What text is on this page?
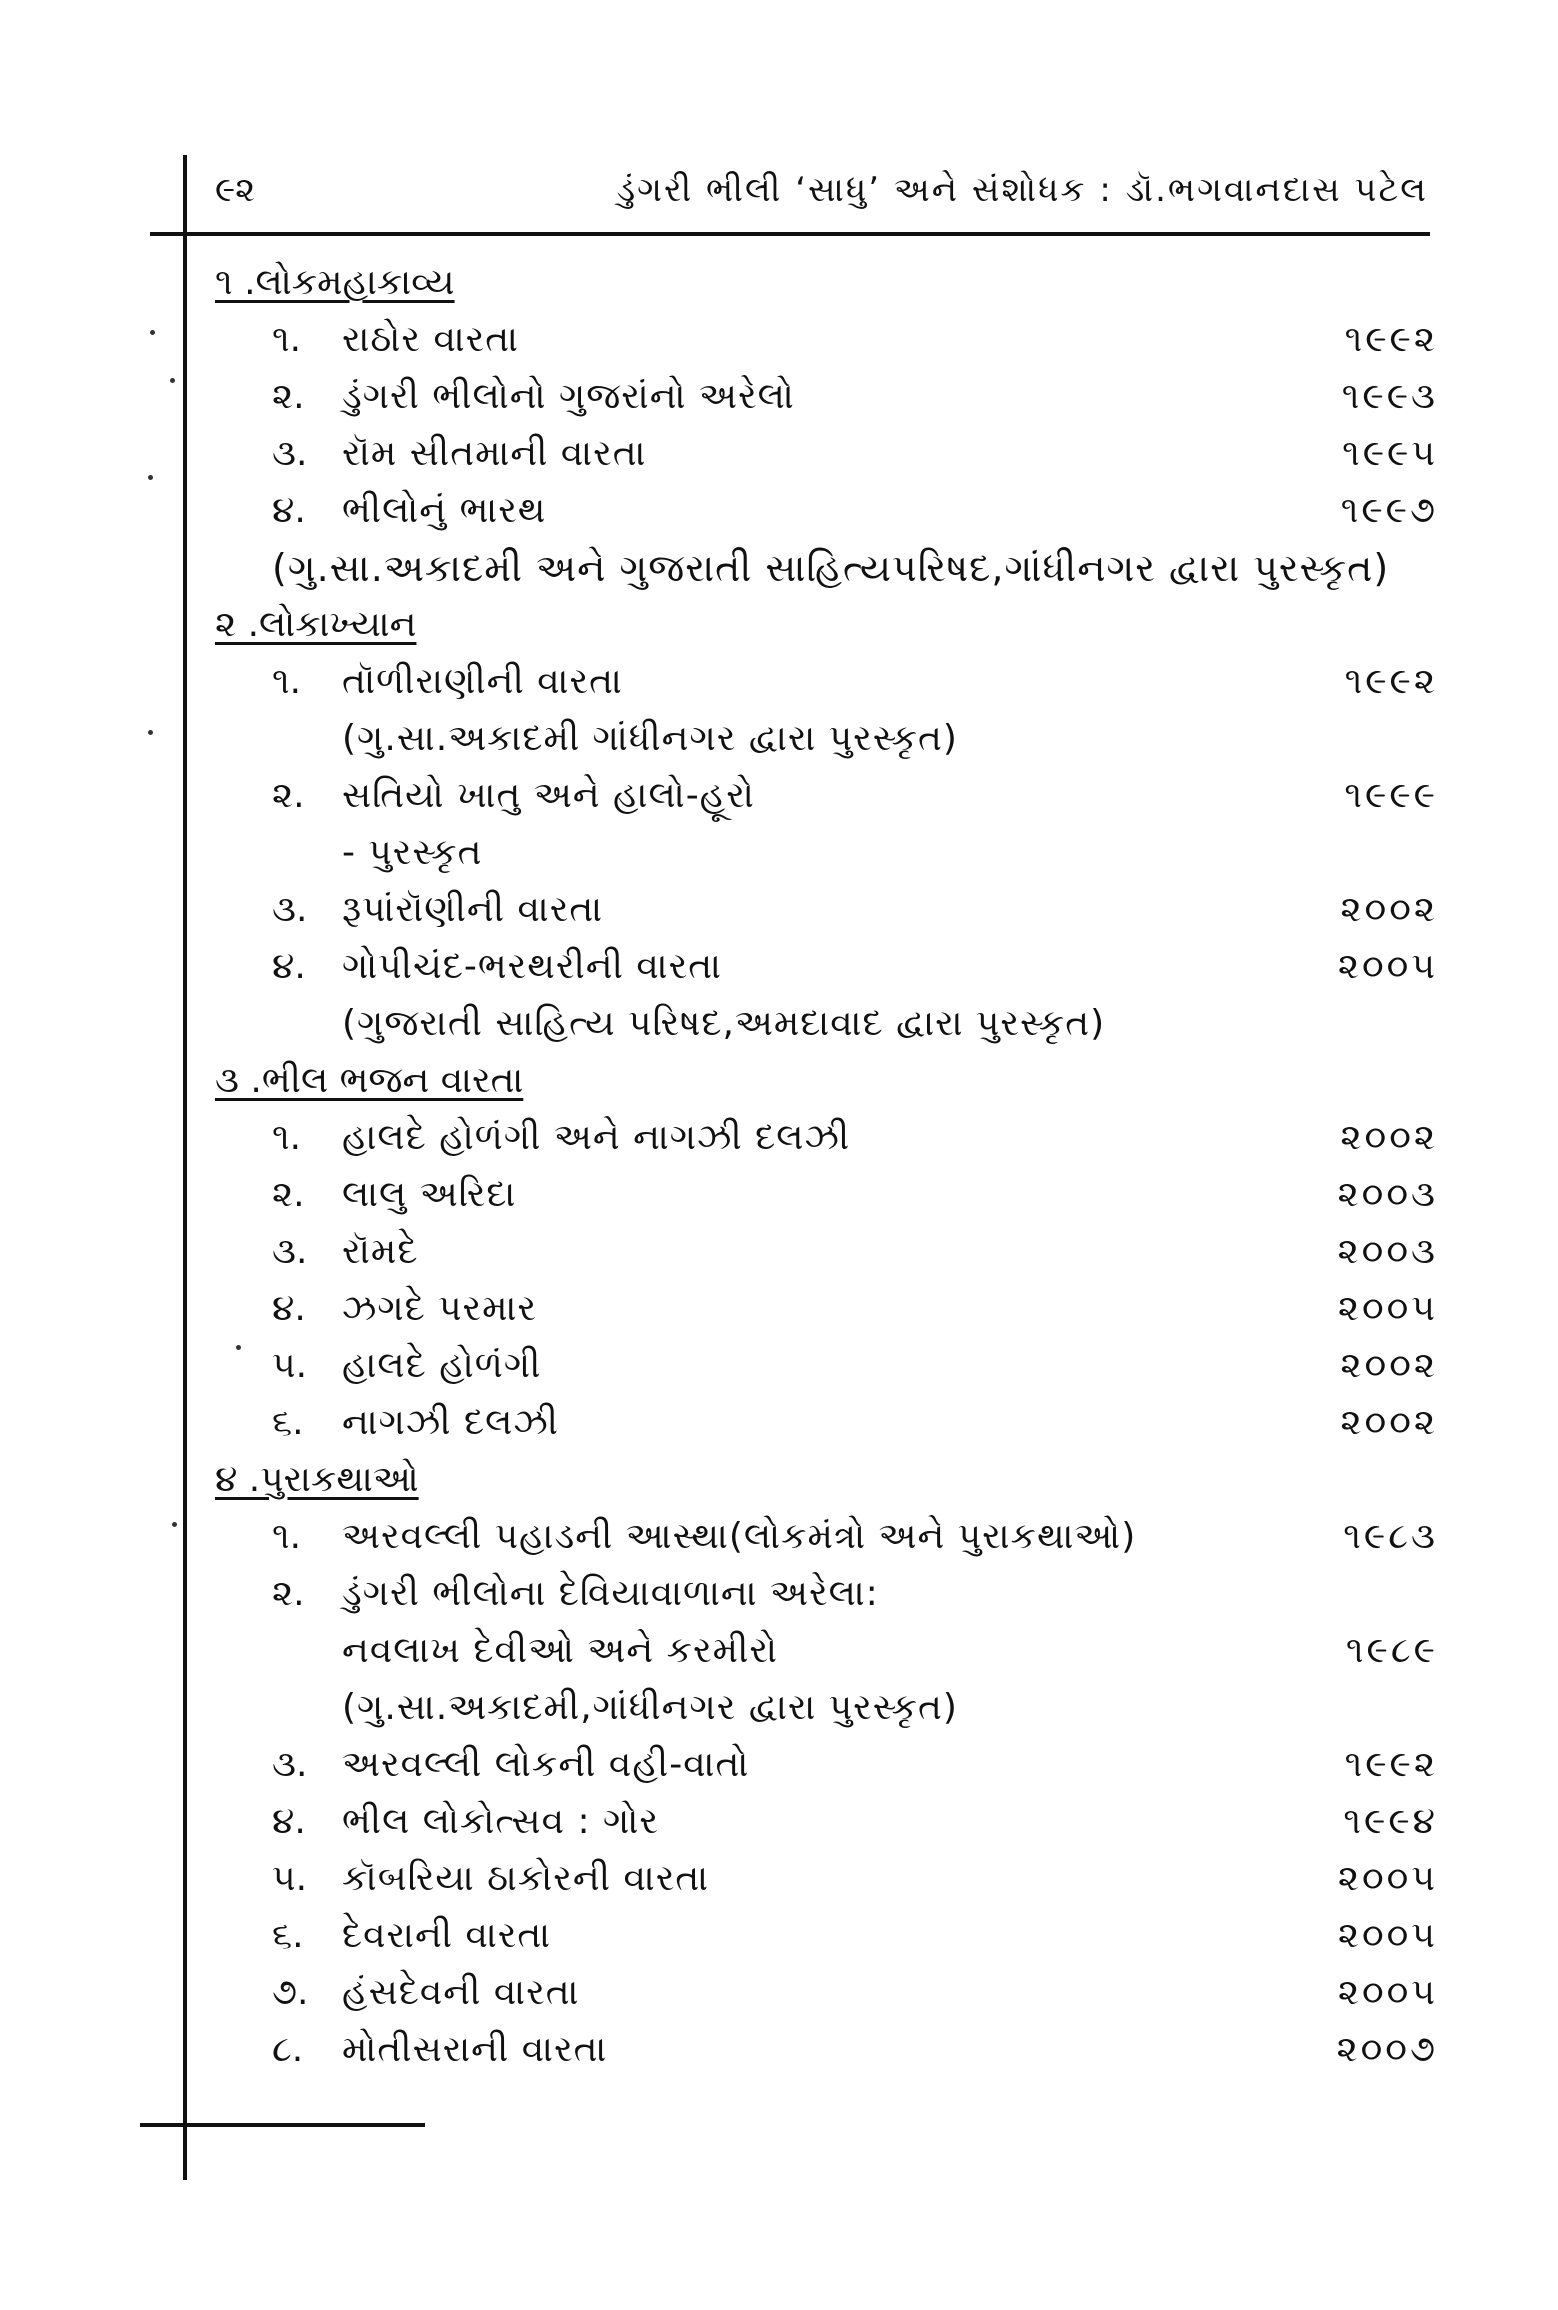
૯૨	ડુંગરી ભીલી ‘સાધુ’ અને સંશોધક : ડૉ.ભગવાનદાસ પટેલ
૧ .લોકમહાકાવ્ય
૧. રાઠોર વારતા	૧૯૯૨
૨. ડુંગરી ભીલોનો ગુજરાંનો અરેલો	૧૯૯૩
૩. રૉમ સીતમાની વારતા	૧૯૯૫
૪. ભીલોનું ભારથ	૧૯૯૭
(ગુ.સા.અકાદમી અને ગુજરાતી સાહિત્યપરિષદ,ગાંધીનગર દ્વારા પુરસ્કૃત)
૨ .લોકાખ્યાન
૧. તૉળીરાણીની વારતા	૧૯૯૨
(ગુ.સા.અકાદમી ગાંધીનગર દ્વારા પુરસ્કૃત)
૨. સતિયો ખાતુ અને હાલો-હૂરો	૧૯૯૯
- પુરસ્કૃત
૩. રૂપાંરૉણીની વારતા	૨૦૦૨
૪. ગોપીચંદ-ભરથરીની વારતા	૨૦૦૫
(ગુજરાતી સાહિત્ય પરિષદ,અમદાવાદ દ્વારા પુરસ્કૃત)
૩ .ભીલ ભજન વારતા
૧. હાલદે હોળંગી અને નાગઝી દલઝી	૨૦૦૨
૨. લાલુ અરિદા	૨૦૦૩
૩. રૉમદે	૨૦૦૩
૪. ઝગદે પરમાર	૨૦૦૫
૫. હાલદે હોળંગી	૨૦૦૨
૬. નાગઝી દલઝી	૨૦૦૨
૪ .પુરાકથાઓ
૧. અરવલ્લી પહાડની આસ્થા(લોકમંત્રો અને પુરાકથાઓ)	૧૯૮૩
૨. ડુંગરી ભીલોના દેવિયાવાળાના અરેલા:
નવલાખ દેવીઓ અને કરમીરો	૧૯૮૯
(ગુ.સા.અકાદમી,ગાંધીનગર દ્વારા પુરસ્કૃત)
૩. અરવલ્લી લોકની વહી-વાતો	૧૯૯૨
૪. ભીલ લોકોત્સવ : ગોર	૧૯૯૪
૫. કૉબરિયા ઠાકોરની વારતા	૨૦૦૫
૬. દેવરાની વારતા	૨૦૦૫
૭. હંસદેવની વારતા	૨૦૦૫
૮. મોતીસરાની વારતા	૨૦૦૭
